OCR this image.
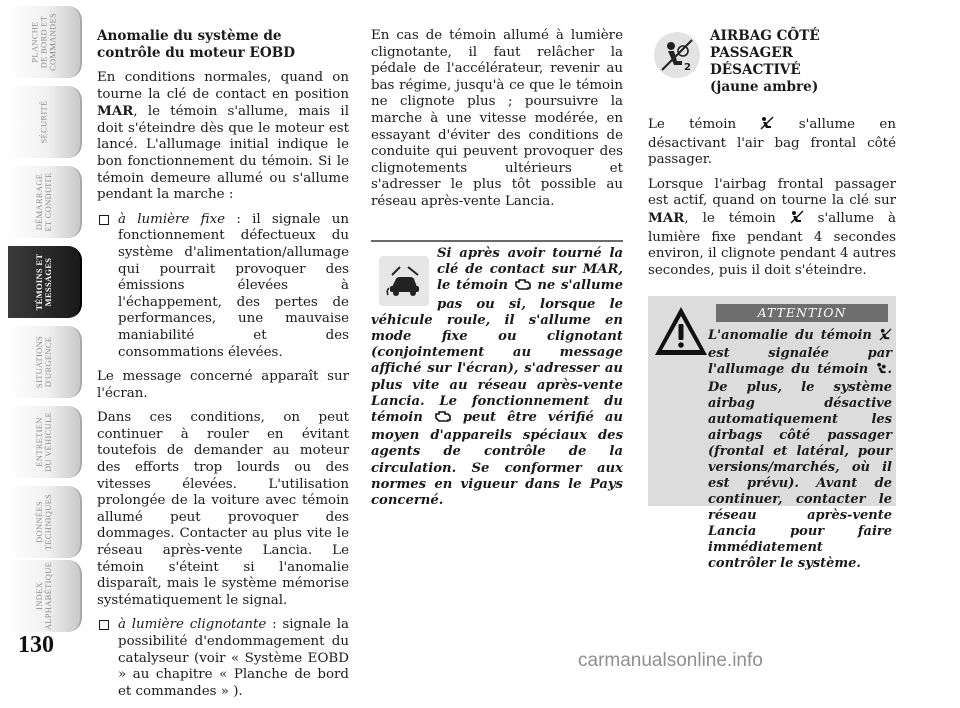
PLANCHE
DE BORD ET
COMMANDES
SÉCURITÉ
DÉMARRAGE
ET CONDUITE
TÉMOINS ET
MESSAGES
SITUATIONS
D'URGENCE
ENTRETIEN
DU VÉHICULE
DONNÉES
TECHNIQUES
INDEX
ALPHABÉTIQUE
130
Anomalie du système de contrôle du moteur EOBD

En conditions normales, quand on tourne la clé de contact en position MAR, le témoin s'allume, mais il doit s'éteindre dès que le moteur est lancé. L'allumage initial indique le bon fonctionnement du témoin. Si le témoin demeure allumé ou s'allume pendant la marche :

à lumière fixe : il signale un fonctionnement défectueux du système d'alimentation/allumage qui pourrait provoquer des émissions élevées à l'échappement, des pertes de performances, une mauvaise maniabilité et des consommations élevées.

Le message concerné apparaît sur l'écran.

Dans ces conditions, on peut continuer à rouler en évitant toutefois de demander au moteur des efforts trop lourds ou des vitesses élevées. L'utilisation prolongée de la voiture avec témoin allumé peut provoquer des dommages. Contacter au plus vite le réseau après-vente Lancia. Le témoin s'éteint si l'anomalie disparaît, mais le système mémorise systématiquement le signal.

à lumière clignotante : signale la possibilité d'endommagement du catalyseur (voir « Système EOBD » au chapitre « Planche de bord et commandes » ).

En cas de témoin allumé à lumière clignotante, il faut relâcher la pédale de l'accélérateur, revenir au bas régime, jusqu'à ce que le témoin ne clignote plus ; poursuivre la marche à une vitesse modérée, en essayant d'éviter des conditions de conduite qui peuvent provoquer des clignotements ultérieurs et s'adresser le plus tôt possible au réseau après-vente Lancia.

Si après avoir tourné la clé de contact sur MAR, le témoin  ne s'allume pas ou si, lorsque le véhicule roule, il s'allume en mode fixe ou clignotant (conjointement au message affiché sur l'écran), s'adresser au plus vite au réseau après-vente Lancia. Le fonctionnement du témoin  peut être vérifié au moyen d'appareils spéciaux des agents de contrôle de la circulation. Se conformer aux normes en vigueur dans le Pays concerné.

2
AIRBAG CÔTÉ
PASSAGER
DÉSACTIVÉ
(jaune ambre)

Le témoin  s'allume en désactivant l'air bag frontal côté passager.

Lorsque l'airbag frontal passager est actif, quand on tourne la clé sur MAR, le témoin  s'allume à lumière fixe pendant 4 secondes environ, il clignote pendant 4 autres secondes, puis il doit s'éteindre.

ATTENTION

L'anomalie du témoin  est signalée par l'allumage du témoin . De plus, le système airbag désactive automatiquement les airbags côté passager (frontal et latéral, pour versions/marchés, où il est prévu). Avant de continuer, contacter le réseau après-vente Lancia pour faire immédiatement contrôler le système.

carmanualsonline.info
